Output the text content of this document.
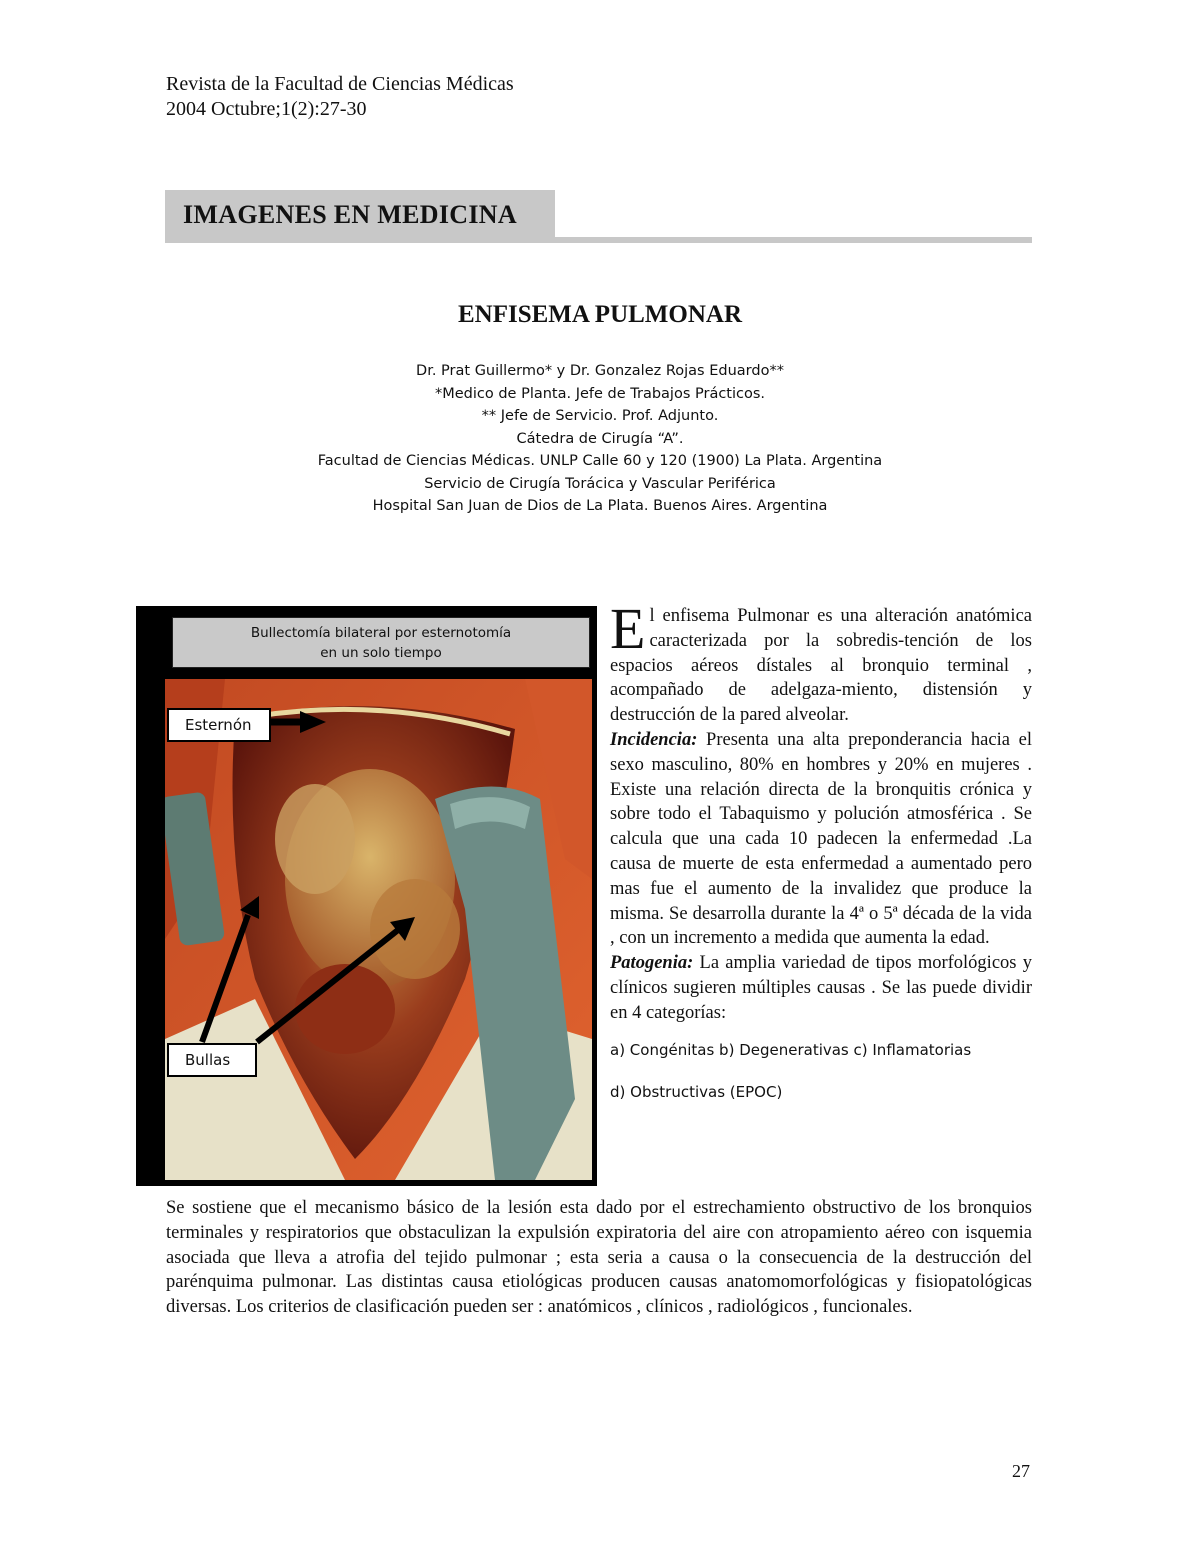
Revista de la Facultad de Ciencias Médicas
2004 Octubre;1(2):27-30
IMAGENES EN MEDICINA
ENFISEMA PULMONAR
Dr. Prat Guillermo* y Dr. Gonzalez Rojas Eduardo**
*Medico de Planta. Jefe de Trabajos Prácticos.
** Jefe de Servicio. Prof. Adjunto.
Cátedra de Cirugía “A”.
Facultad de Ciencias Médicas. UNLP Calle 60 y 120 (1900) La Plata. Argentina
Servicio de Cirugía Torácica y Vascular Periférica
Hospital San Juan de Dios de La Plata. Buenos Aires. Argentina
Bullectomía bilateral por esternotomía
en un solo tiempo
Esternón
Bullas

El enfisema Pulmonar es una alteración anatómica caracterizada por la sobredis-tención de los espacios aéreos dístales al bronquio terminal , acompañado de adelgaza-miento, distensión y destrucción de la pared alveolar.

Incidencia: Presenta una alta preponderancia hacia el sexo masculino, 80% en hombres y 20% en mujeres . Existe una relación directa de la bronquitis crónica y sobre todo el Tabaquismo y polución atmosférica . Se calcula que una cada 10 padecen la enfermedad .La causa de muerte de esta enfermedad a aumentado pero mas fue el aumento de la invalidez que produce la misma. Se desarrolla durante la 4ª o 5ª década de la vida , con un incremento a medida que aumenta la edad.

Patogenia: La amplia variedad de tipos morfológicos y clínicos sugieren múltiples causas . Se las puede dividir en 4 categorías:

a) Congénitas b) Degenerativas c) Inflamatorias

d) Obstructivas (EPOC)

Se sostiene que el mecanismo básico de la lesión esta dado por el estrechamiento obstructivo de los bronquios terminales y respiratorios que obstaculizan la expulsión expiratoria del aire con atropamiento aéreo con isquemia asociada que lleva a atrofia del tejido pulmonar ; esta seria a causa o la consecuencia de la destrucción del parénquima pulmonar. Las distintas causa etiológicas producen causas anatomomorfológicas y fisiopatológicas diversas. Los criterios de clasificación pueden ser : anatómicos , clínicos , radiológicos , funcionales.
27
